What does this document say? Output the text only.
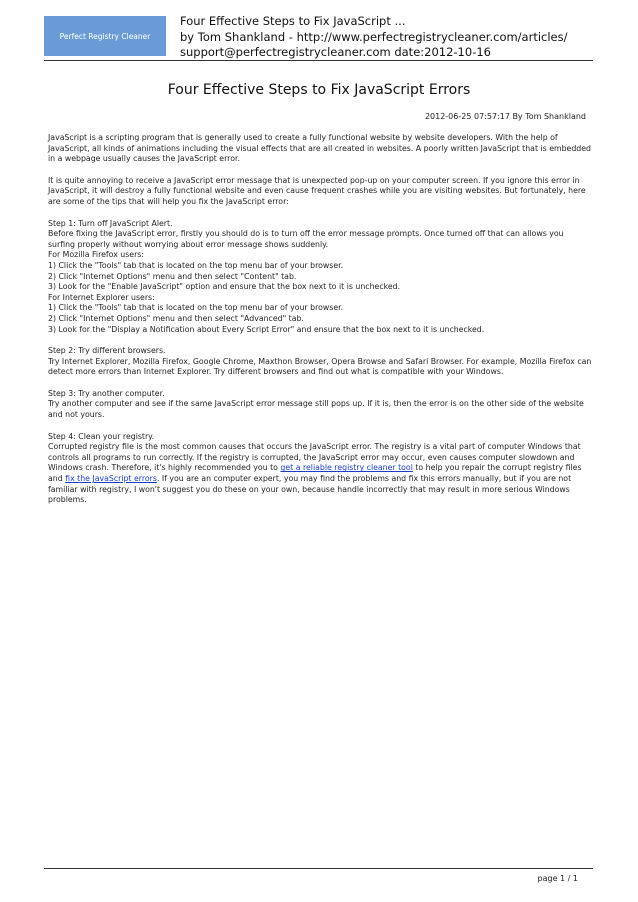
Perfect Registry Cleaner
Four Effective Steps to Fix JavaScript ...
by Tom Shankland - http://www.perfectregistrycleaner.com/articles/
support@perfectregistrycleaner.com date:2012-10-16
Four Effective Steps to Fix JavaScript Errors
2012-06-25 07:57:17 By Tom Shankland

JavaScript is a scripting program that is generally used to create a fully functional website by website developers. With the help of JavaScript, all kinds of animations including the visual effects that are all created in websites. A poorly written JavaScript that is embedded in a webpage usually causes the JavaScript error.

It is quite annoying to receive a JavaScript error message that is unexpected pop-up on your computer screen. If you ignore this error in JavaScript, it will destroy a fully functional website and even cause frequent crashes while you are visiting websites. But fortunately, here are some of the tips that will help you fix the JavaScript error:

Step 1: Turn off JavaScript Alert.
Before fixing the JavaScript error, firstly you should do is to turn off the error message prompts. Once turned off that can allows you surfing properly without worrying about error message shows suddenly.
For Mozilla Firefox users:
1) Click the "Tools" tab that is located on the top menu bar of your browser.
2) Click "Internet Options" menu and then select "Content" tab.
3) Look for the "Enable JavaScript" option and ensure that the box next to it is unchecked.
For Internet Explorer users:
1) Click the "Tools" tab that is located on the top menu bar of your browser.
2) Click "Internet Options" menu and then select "Advanced" tab.
3) Look for the "Display a Notification about Every Script Error" and ensure that the box next to it is unchecked.

Step 2: Try different browsers.
Try Internet Explorer, Mozilla Firefox, Google Chrome, Maxthon Browser, Opera Browse and Safari Browser. For example, Mozilla Firefox can detect more errors than Internet Explorer. Try different browsers and find out what is compatible with your Windows.

Step 3: Try another computer.
Try another computer and see if the same JavaScript error message still pops up. If it is, then the error is on the other side of the website and not yours.

Step 4: Clean your registry.
Corrupted registry file is the most common causes that occurs the JavaScript error. The registry is a vital part of computer Windows that controls all programs to run correctly. If the registry is corrupted, the JavaScript error may occur, even causes computer slowdown and Windows crash. Therefore, it's highly recommended you to get a reliable registry cleaner tool to help you repair the corrupt registry files and fix the JavaScript errors. If you are an computer expert, you may find the problems and fix this errors manually, but if you are not familiar with registry, I won't suggest you do these on your own, because handle incorrectly that may result in more serious Windows problems.

page 1 / 1
